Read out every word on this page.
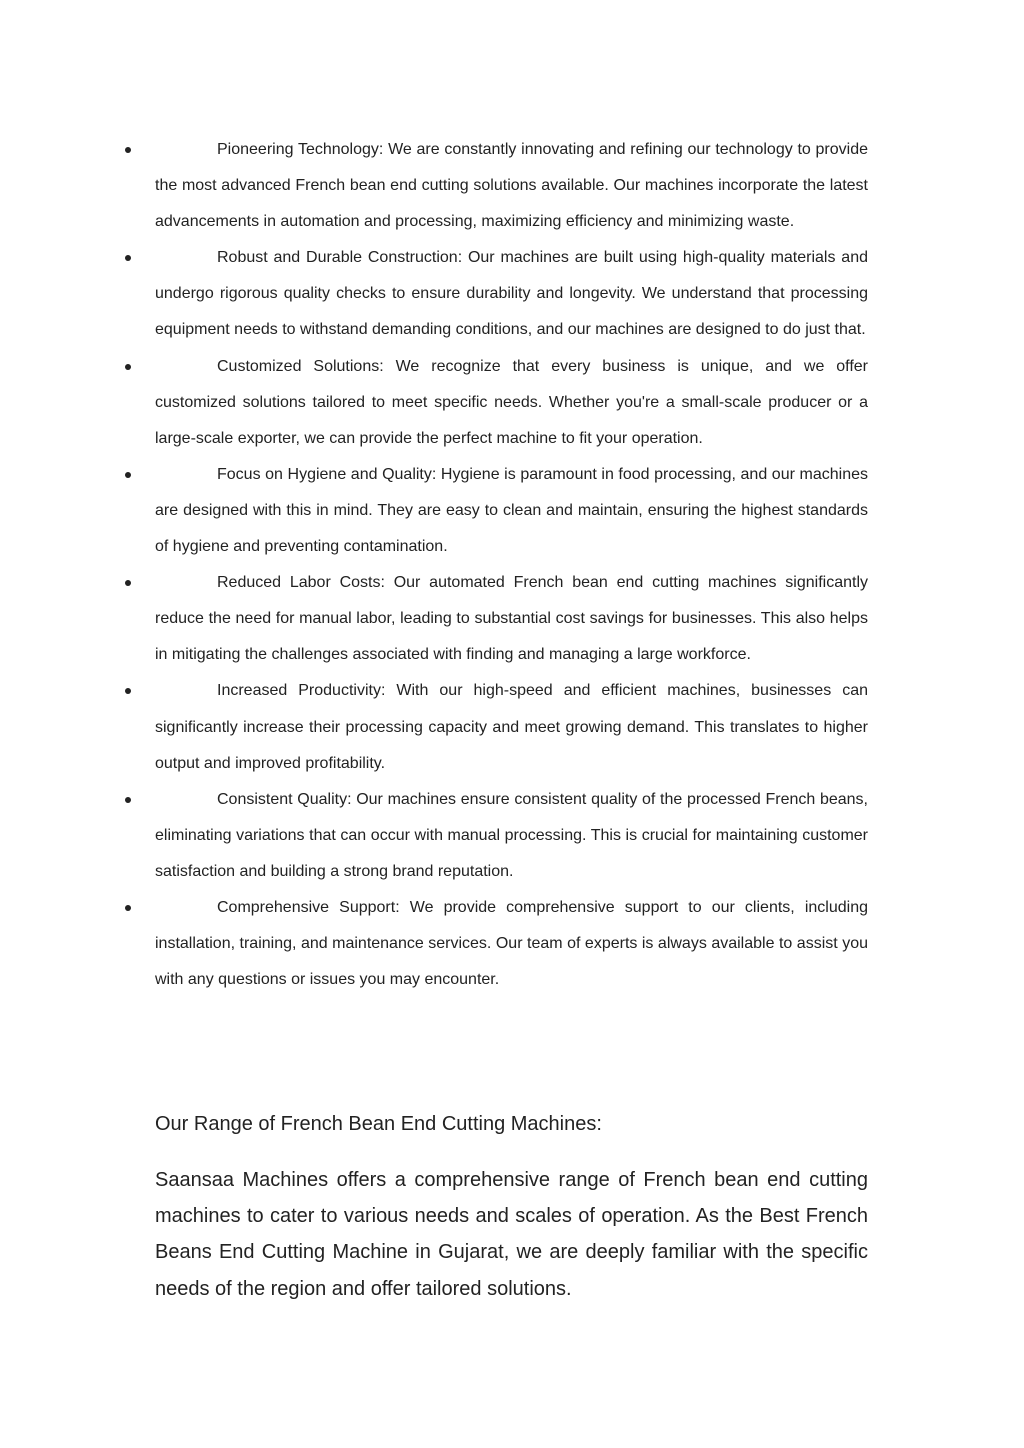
Pioneering Technology: We are constantly innovating and refining our technology to provide the most advanced French bean end cutting solutions available. Our machines incorporate the latest advancements in automation and processing, maximizing efficiency and minimizing waste.
Robust and Durable Construction: Our machines are built using high-quality materials and undergo rigorous quality checks to ensure durability and longevity. We understand that processing equipment needs to withstand demanding conditions, and our machines are designed to do just that.
Customized Solutions: We recognize that every business is unique, and we offer customized solutions tailored to meet specific needs. Whether you're a small-scale producer or a large-scale exporter, we can provide the perfect machine to fit your operation.
Focus on Hygiene and Quality: Hygiene is paramount in food processing, and our machines are designed with this in mind. They are easy to clean and maintain, ensuring the highest standards of hygiene and preventing contamination.
Reduced Labor Costs: Our automated French bean end cutting machines significantly reduce the need for manual labor, leading to substantial cost savings for businesses. This also helps in mitigating the challenges associated with finding and managing a large workforce.
Increased Productivity: With our high-speed and efficient machines, businesses can significantly increase their processing capacity and meet growing demand. This translates to higher output and improved profitability.
Consistent Quality: Our machines ensure consistent quality of the processed French beans, eliminating variations that can occur with manual processing. This is crucial for maintaining customer satisfaction and building a strong brand reputation.
Comprehensive Support: We provide comprehensive support to our clients, including installation, training, and maintenance services. Our team of experts is always available to assist you with any questions or issues you may encounter.
Our Range of French Bean End Cutting Machines:

Saansaa Machines offers a comprehensive range of French bean end cutting machines to cater to various needs and scales of operation. As the Best French Beans End Cutting Machine in Gujarat, we are deeply familiar with the specific needs of the region and offer tailored solutions.
